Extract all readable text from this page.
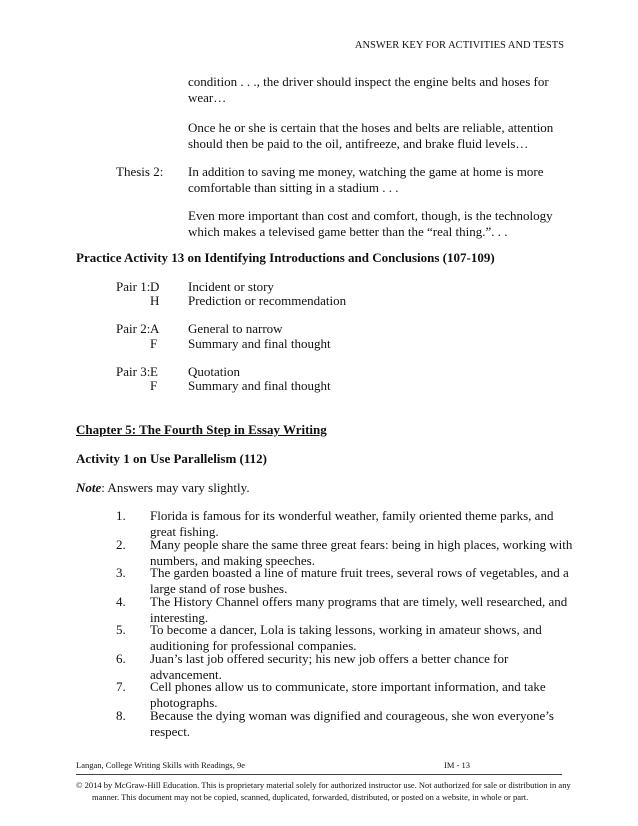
ANSWER KEY FOR ACTIVITIES AND TESTS
condition . . ., the driver should inspect the engine belts and hoses for
wear…
Once he or she is certain that the hoses and belts are reliable, attention
should then be paid to the oil, antifreeze, and brake fluid levels…
Thesis 2: In addition to saving me money, watching the game at home is more
comfortable than sitting in a stadium . . .
Even more important than cost and comfort, though, is the technology
which makes a televised game better than the “real thing.”. . .
Practice Activity 13 on Identifying Introductions and Conclusions (107-109)
Pair 1: D Incident or story
H Prediction or recommendation
Pair 2: A General to narrow
F Summary and final thought
Pair 3: E Quotation
F Summary and final thought
Chapter 5: The Fourth Step in Essay Writing
Activity 1 on Use Parallelism (112)
Note: Answers may vary slightly.
1. Florida is famous for its wonderful weather, family oriented theme parks, and
great fishing.
2. Many people share the same three great fears: being in high places, working with
numbers, and making speeches.
3. The garden boasted a line of mature fruit trees, several rows of vegetables, and a
large stand of rose bushes.
4. The History Channel offers many programs that are timely, well researched, and
interesting.
5. To become a dancer, Lola is taking lessons, working in amateur shows, and
auditioning for professional companies.
6. Juan’s last job offered security; his new job offers a better chance for
advancement.
7. Cell phones allow us to communicate, store important information, and take
photographs.
8. Because the dying woman was dignified and courageous, she won everyone’s
respect.
Langan, College Writing Skills with Readings, 9e	IM - 13
© 2014 by McGraw-Hill Education. This is proprietary material solely for authorized instructor use. Not authorized for sale or distribution in any
manner. This document may not be copied, scanned, duplicated, forwarded, distributed, or posted on a website, in whole or part.
